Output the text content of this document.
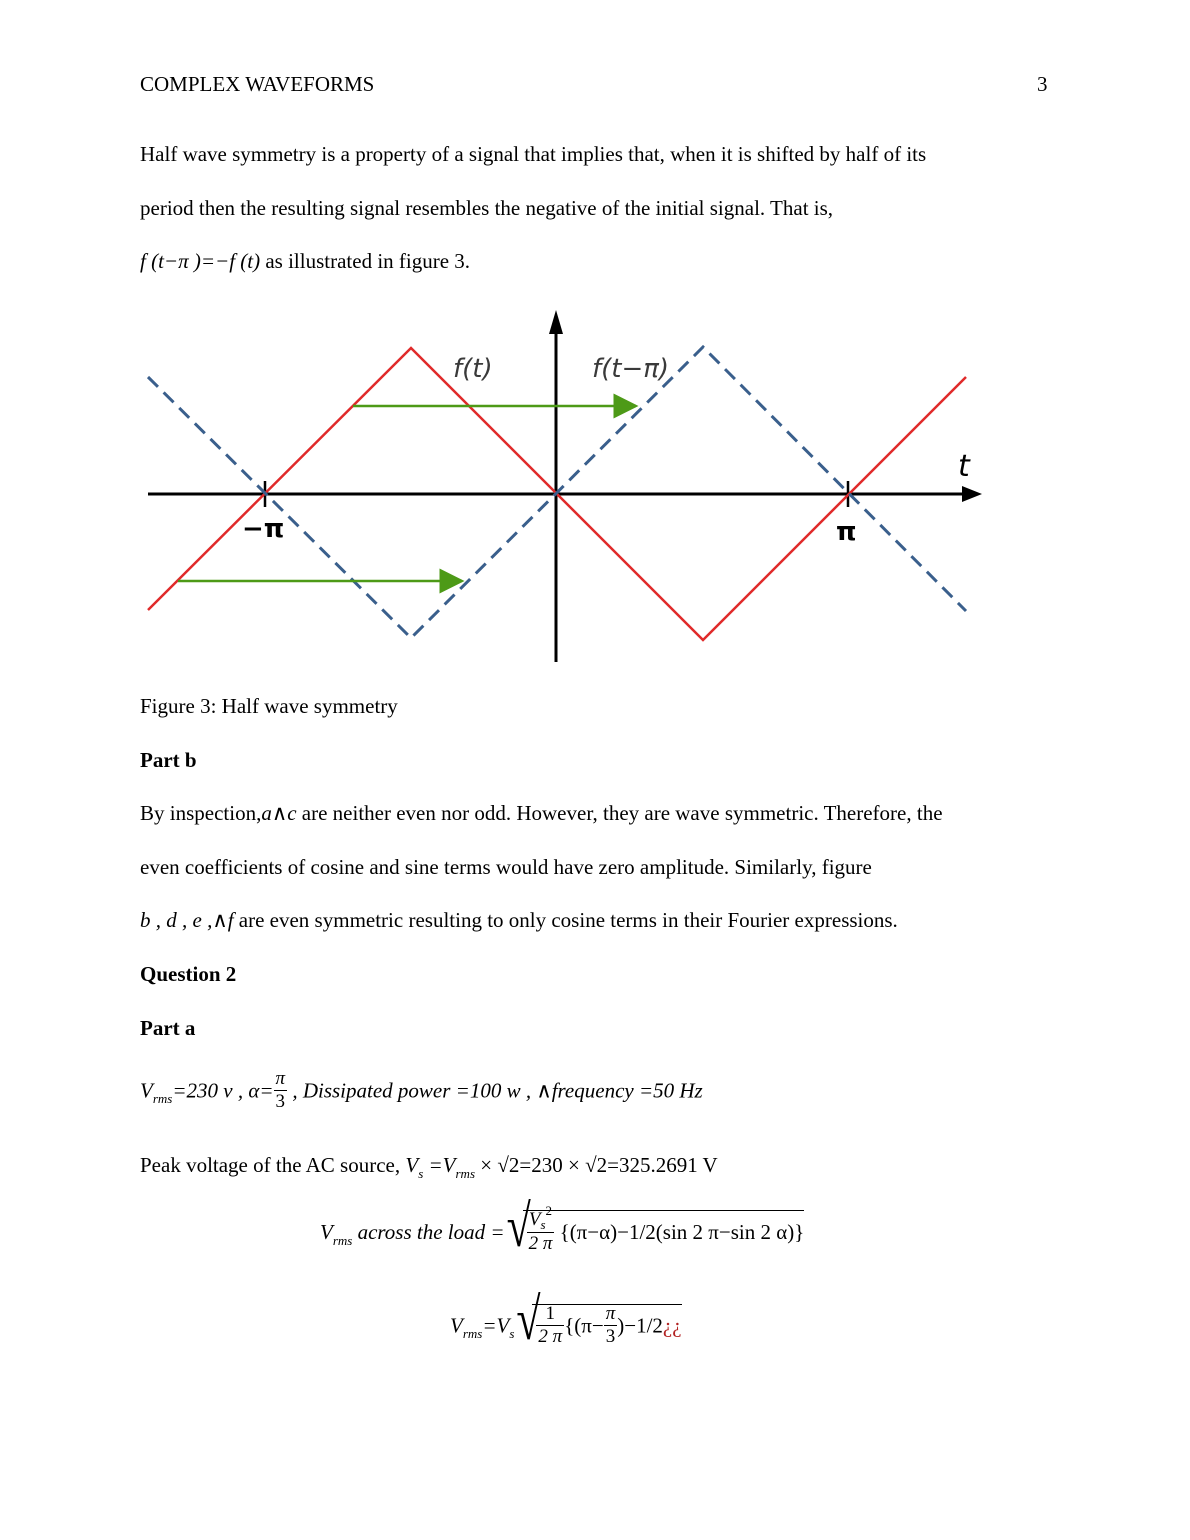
COMPLEX WAVEFORMS	3
Half wave symmetry is a property of a signal that implies that, when it is shifted by half of its
period then the resulting signal resembles the negative of the initial signal. That is,
f (t−π )=−f (t) as illustrated in figure 3.
f(t)	f(t−π)
t
−π	π
Figure 3: Half wave symmetry
Part b
By inspection,a∧c are neither even nor odd. However, they are wave symmetric. Therefore, the
even coefficients of cosine and sine terms would have zero amplitude. Similarly, figure
b , d , e ,∧f are even symmetric resulting to only cosine terms in their Fourier expressions.
Question 2
Part a
$V_{rms}=230$ v , $\alpha= \frac{\pi}{3}$ , Dissipated power =100 w , ∧frequency =50 Hz
Peak voltage of the AC source, $V_s =V_{rms} \times √2=230 \times √2=325.2691$ V
$V_{rms}$ across the load = √
$\frac{V_s^2}{2 \pi} \{(\pi-\alpha)-1/2(\sin$ 2 π−sin 2 α)}
$V_{rms}=V_s$ √
$\frac{1}{2 \pi} \{(\pi- \frac{\pi}{3}$ )−1/2¿¿
